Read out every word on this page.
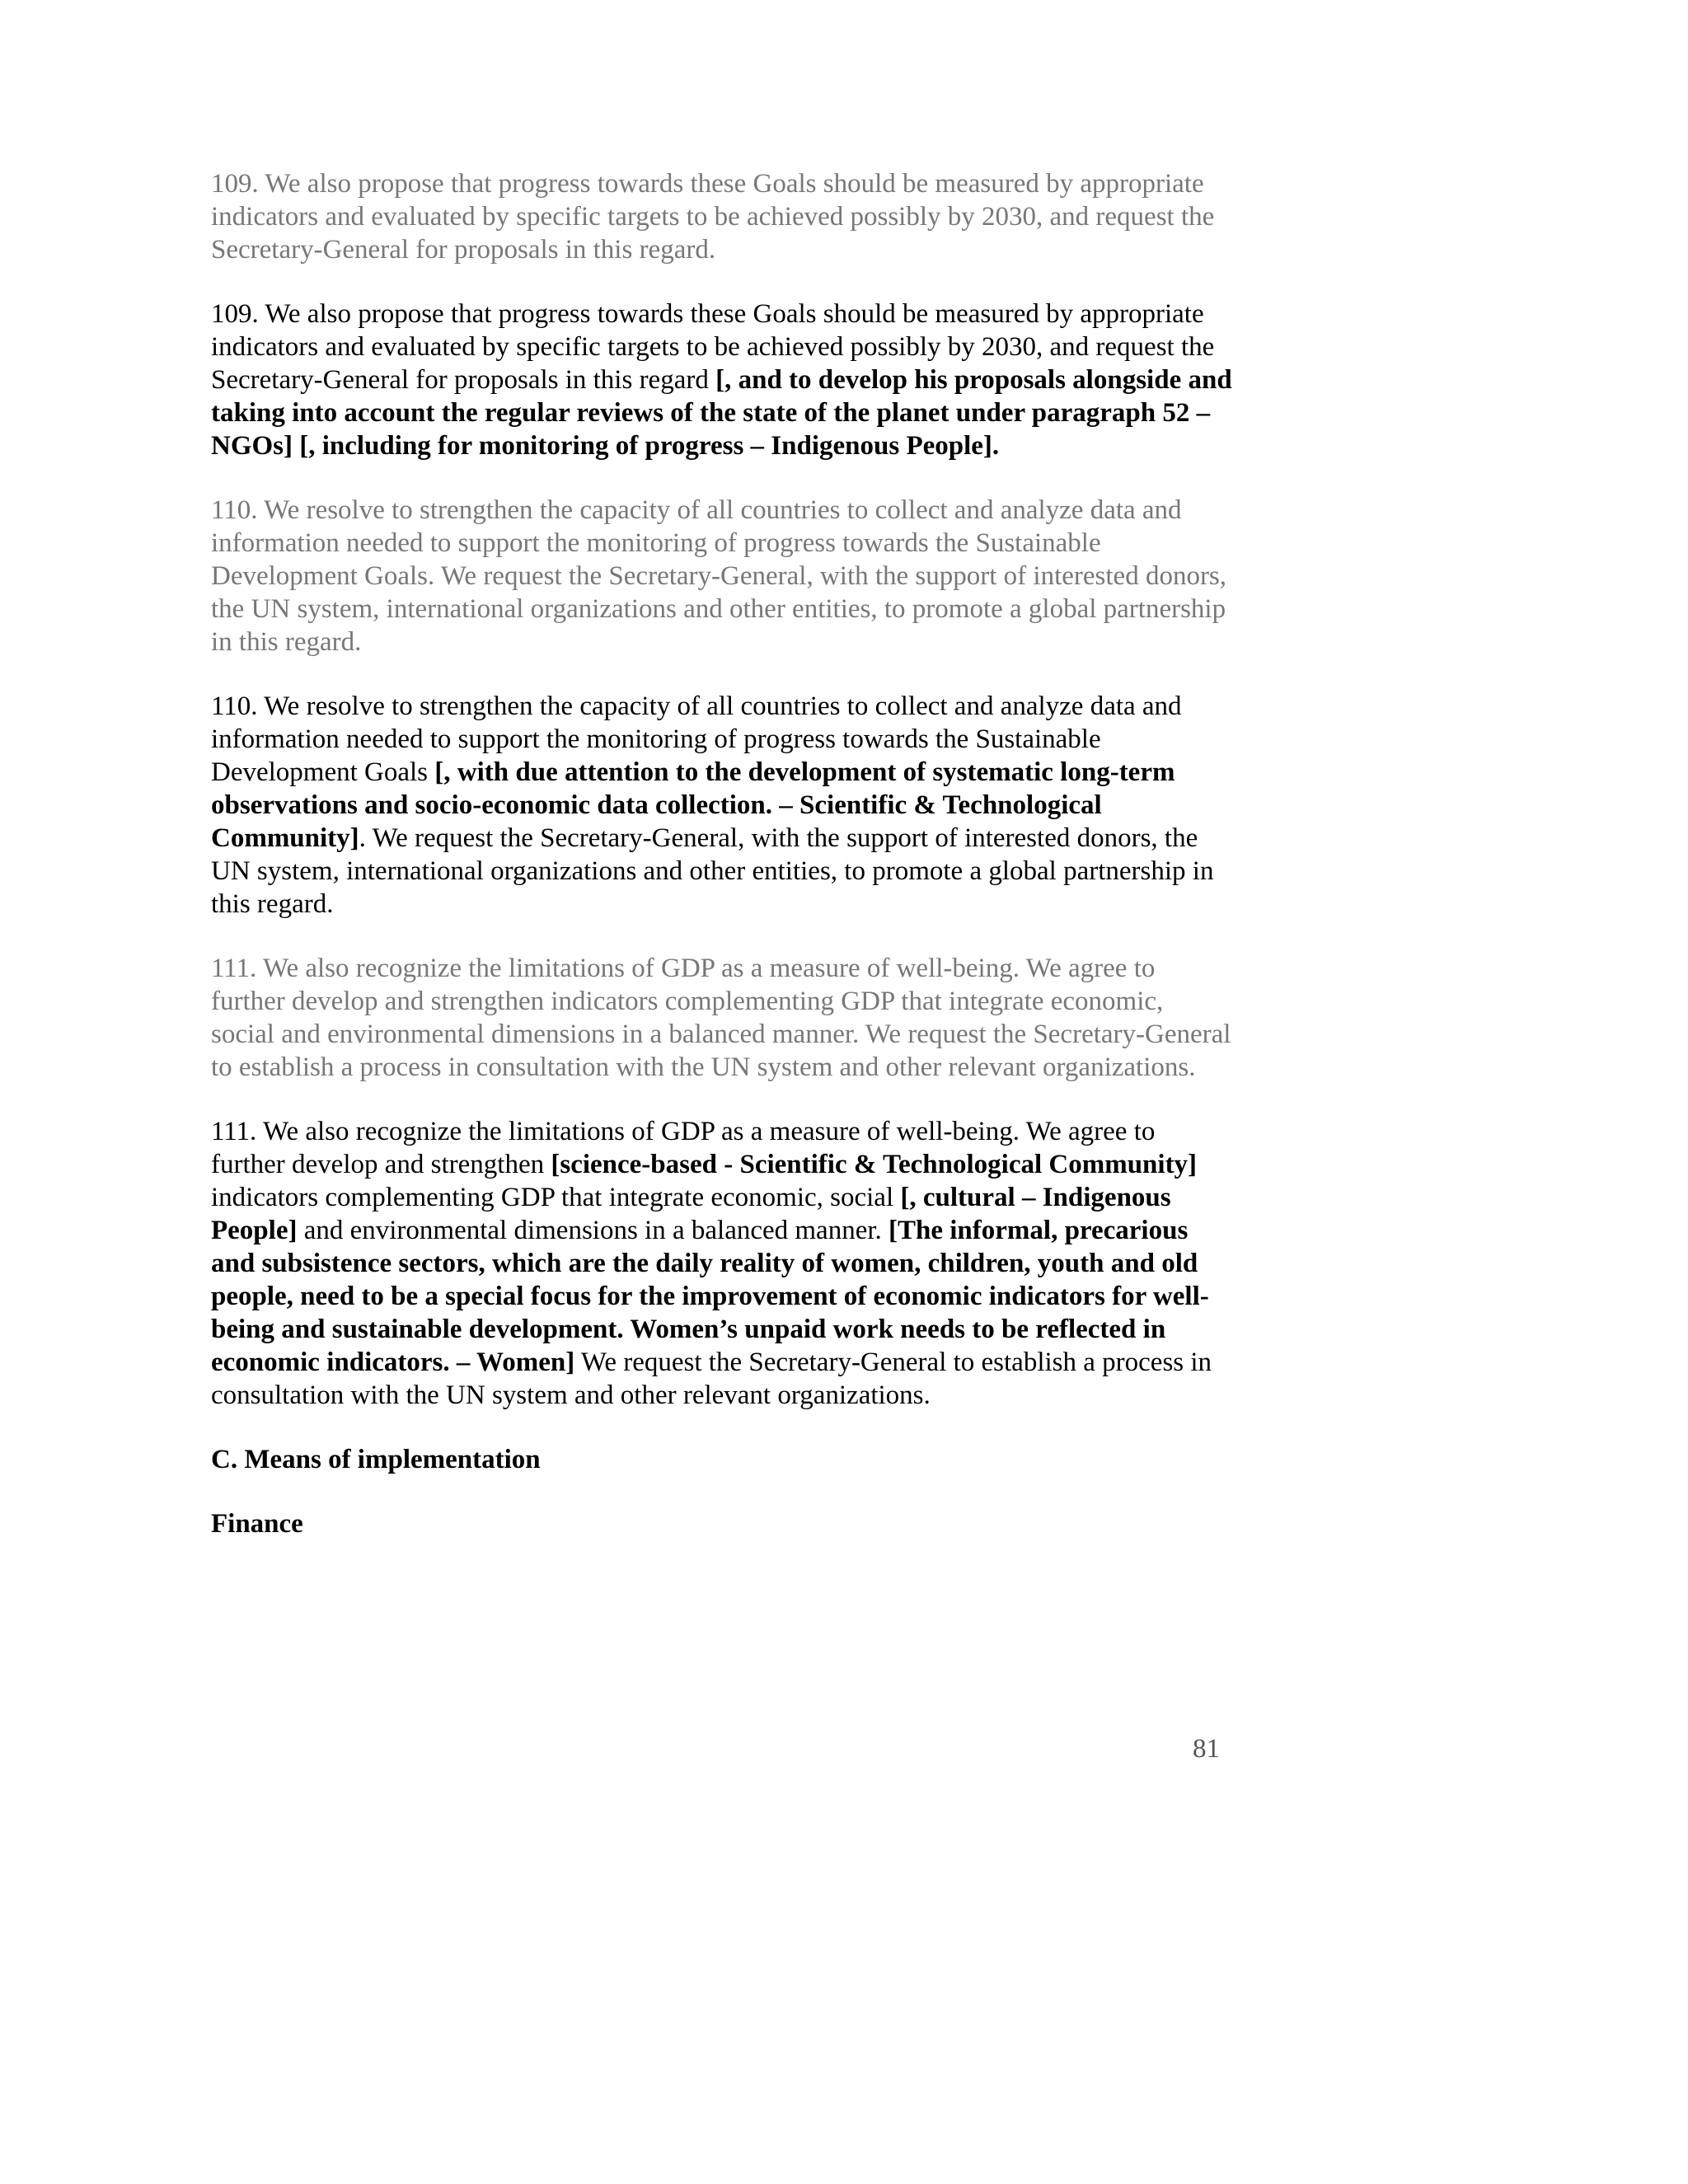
109. We also propose that progress towards these Goals should be measured by appropriate indicators and evaluated by specific targets to be achieved possibly by 2030, and request the Secretary-General for proposals in this regard.

109. We also propose that progress towards these Goals should be measured by appropriate indicators and evaluated by specific targets to be achieved possibly by 2030, and request the Secretary-General for proposals in this regard [, and to develop his proposals alongside and taking into account the regular reviews of the state of the planet under paragraph 52 – NGOs] [, including for monitoring of progress – Indigenous People].

110. We resolve to strengthen the capacity of all countries to collect and analyze data and information needed to support the monitoring of progress towards the Sustainable Development Goals. We request the Secretary-General, with the support of interested donors, the UN system, international organizations and other entities, to promote a global partnership in this regard.

110. We resolve to strengthen the capacity of all countries to collect and analyze data and information needed to support the monitoring of progress towards the Sustainable Development Goals [, with due attention to the development of systematic long-term observations and socio-economic data collection. – Scientific & Technological Community]. We request the Secretary-General, with the support of interested donors, the UN system, international organizations and other entities, to promote a global partnership in this regard.

111. We also recognize the limitations of GDP as a measure of well-being. We agree to further develop and strengthen indicators complementing GDP that integrate economic, social and environmental dimensions in a balanced manner. We request the Secretary-General to establish a process in consultation with the UN system and other relevant organizations.

111. We also recognize the limitations of GDP as a measure of well-being. We agree to further develop and strengthen [science-based - Scientific & Technological Community] indicators complementing GDP that integrate economic, social [, cultural – Indigenous People] and environmental dimensions in a balanced manner. [The informal, precarious and subsistence sectors, which are the daily reality of women, children, youth and old people, need to be a special focus for the improvement of economic indicators for well-being and sustainable development. Women’s unpaid work needs to be reflected in economic indicators. – Women] We request the Secretary-General to establish a process in consultation with the UN system and other relevant organizations.

C. Means of implementation

Finance

81
